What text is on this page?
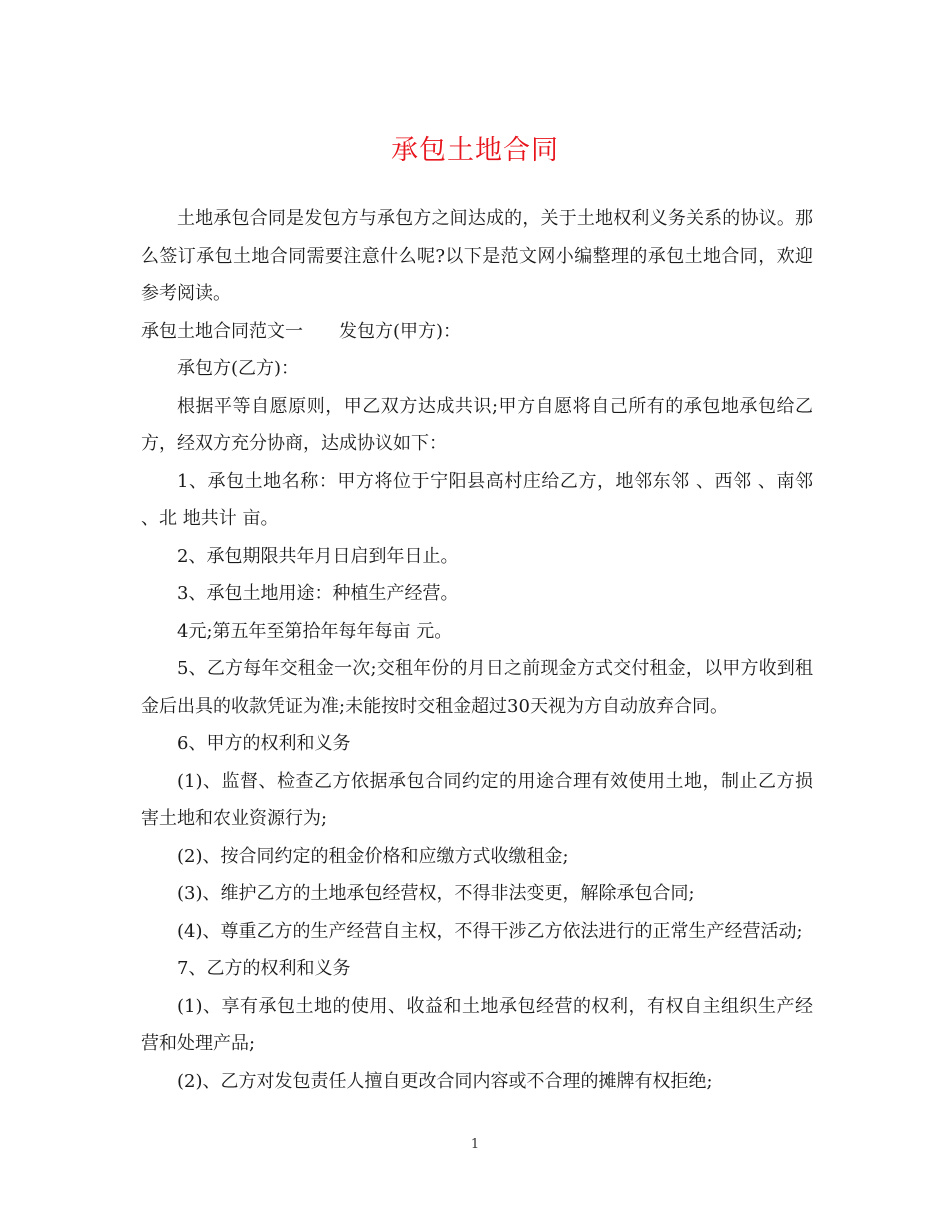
承包土地合同

土地承包合同是发包方与承包方之间达成的，关于土地权利义务关系的协议。那么签订承包土地合同需要注意什么呢?以下是范文网小编整理的承包土地合同，欢迎参考阅读。

承包土地合同范文一　　发包方(甲方)：

承包方(乙方)：

根据平等自愿原则，甲乙双方达成共识;甲方自愿将自己所有的承包地承包给乙方，经双方充分协商，达成协议如下：

1、承包土地名称：甲方将位于宁阳县高村庄给乙方，地邻东邻 、西邻 、南邻 、北 地共计 亩。

2、承包期限共年月日启到年日止。

3、承包土地用途：种植生产经营。

4元;第五年至第拾年每年每亩 元。

5、乙方每年交租金一次;交租年份的月日之前现金方式交付租金，以甲方收到租金后出具的收款凭证为准;未能按时交租金超过30天视为方自动放弃合同。

6、甲方的权利和义务

(1)、监督、检查乙方依据承包合同约定的用途合理有效使用土地，制止乙方损害土地和农业资源行为;

(2)、按合同约定的租金价格和应缴方式收缴租金;

(3)、维护乙方的土地承包经营权，不得非法变更，解除承包合同;

(4)、尊重乙方的生产经营自主权，不得干涉乙方依法进行的正常生产经营活动;

7、乙方的权利和义务

(1)、享有承包土地的使用、收益和土地承包经营的权利，有权自主组织生产经营和处理产品;

(2)、乙方对发包责任人擅自更改合同内容或不合理的摊牌有权拒绝;

1
